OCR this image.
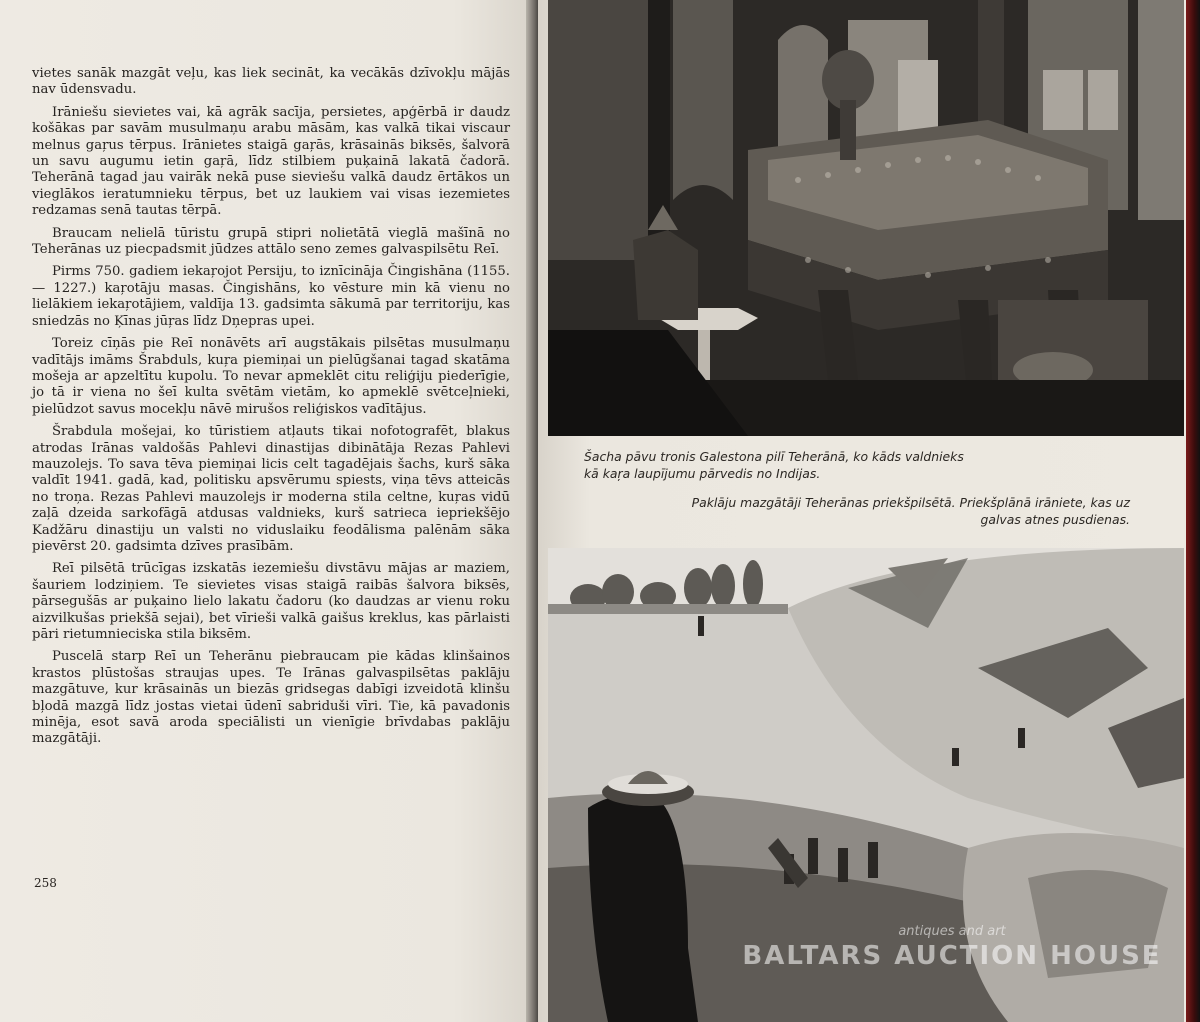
vietes sanāk mazgāt veļu, kas liek secināt, ka vecākās dzīvokļu mājās nav ūdensvadu.

Irāniešu sievietes vai, kā agrāk sacīja, persietes, apģērbā ir daudz košākas par savām musulmaņu arabu māsām, kas valkā tikai viscaur melnus gaŗus tērpus. Irānietes staigā gaŗās, krāsainās biksēs, šalvorā un savu augumu ietin gaŗā, līdz stilbiem puķainā lakatā čadorā. Teherānā tagad jau vairāk nekā puse sieviešu valkā daudz ērtākos un vieglākos ieratumnieku tērpus, bet uz laukiem vai visas iezemietes redzamas senā tautas tērpā.

Braucam nelielā tūristu grupā stipri nolietātā vieglā mašīnā no Teherānas uz piecpadsmit jūdzes attālo seno zemes galvaspilsētu Reī.

Pirms 750. gadiem iekaŗojot Persiju, to iznīcināja Čingishāna (1155. — 1227.) kaŗotāju masas. Čingishāns, ko vēsture min kā vienu no lielākiem iekaŗotājiem, valdīja 13. gadsimta sākumā par territoriju, kas sniedzās no Ķīnas jūŗas līdz Dņepras upei.

Toreiz cīņās pie Reī nonāvēts arī augstākais pilsētas musulmaņu vadītājs imāms Šrabduls, kuŗa piemiņai un pielūgšanai tagad skatāma mošeja ar apzeltītu kupolu. To nevar apmeklēt citu reliģiju piederīgie, jo tā ir viena no šeī kulta svētām vietām, ko apmeklē svētceļnieki, pielūdzot savus mocekļu nāvē mirušos reliģiskos vadītājus.

Šrabdula mošejai, ko tūristiem atļauts tikai nofotografēt, blakus atrodas Irānas valdošās Pahlevi dinastijas dibinātāja Rezas Pahlevi mauzolejs. To sava tēva piemiņai licis celt tagadējais šachs, kurš sāka valdīt 1941. gadā, kad, politisku apsvērumu spiests, viņa tēvs atteicās no troņa. Rezas Pahlevi mauzolejs ir moderna stila celtne, kuŗas vidū zaļā dzeida sarkofāgā atdusas valdnieks, kurš satrieca iepriekšējo Kadžāru dinastiju un valsti no viduslaiku feodālisma palēnām sāka pievērst 20. gadsimta dzīves prasībām.

Reī pilsētā trūcīgas izskatās iezemiešu divstāvu mājas ar maziem, šauriem lodziņiem. Te sievietes visas staigā raibās šalvora biksēs, pārsegušās ar puķaino lielo lakatu čadoru (ko daudzas ar vienu roku aizvilkušas priekšā sejai), bet vīrieši valkā gaišus kreklus, kas pārlaisti pāri rietumnieciska stila biksēm.

Puscelā starp Reī un Teherānu piebraucam pie kādas klinšainos krastos plūstošas straujas upes. Te Irānas galvaspilsētas paklāju mazgātuve, kur krāsainās un biezās gridsegas dabīgi izveidotā klinšu bļodā mazgā līdz jostas vietai ūdenī sabriduši vīri. Tie, kā pavadonis minēja, esot savā aroda speciālisti un vienīgie brīvdabas paklāju mazgātāji.

258
Šacha pāvu tronis Galestona pilī Teherānā, ko kāds valdnieks kā kaŗa laupījumu pārvedis no Indijas.
Paklāju mazgātāji Teherānas priekšpilsētā. Priekšplānā irāniete, kas uz galvas atnes pusdienas.
antiques and art
BALTARS AUCTION HOUSE
